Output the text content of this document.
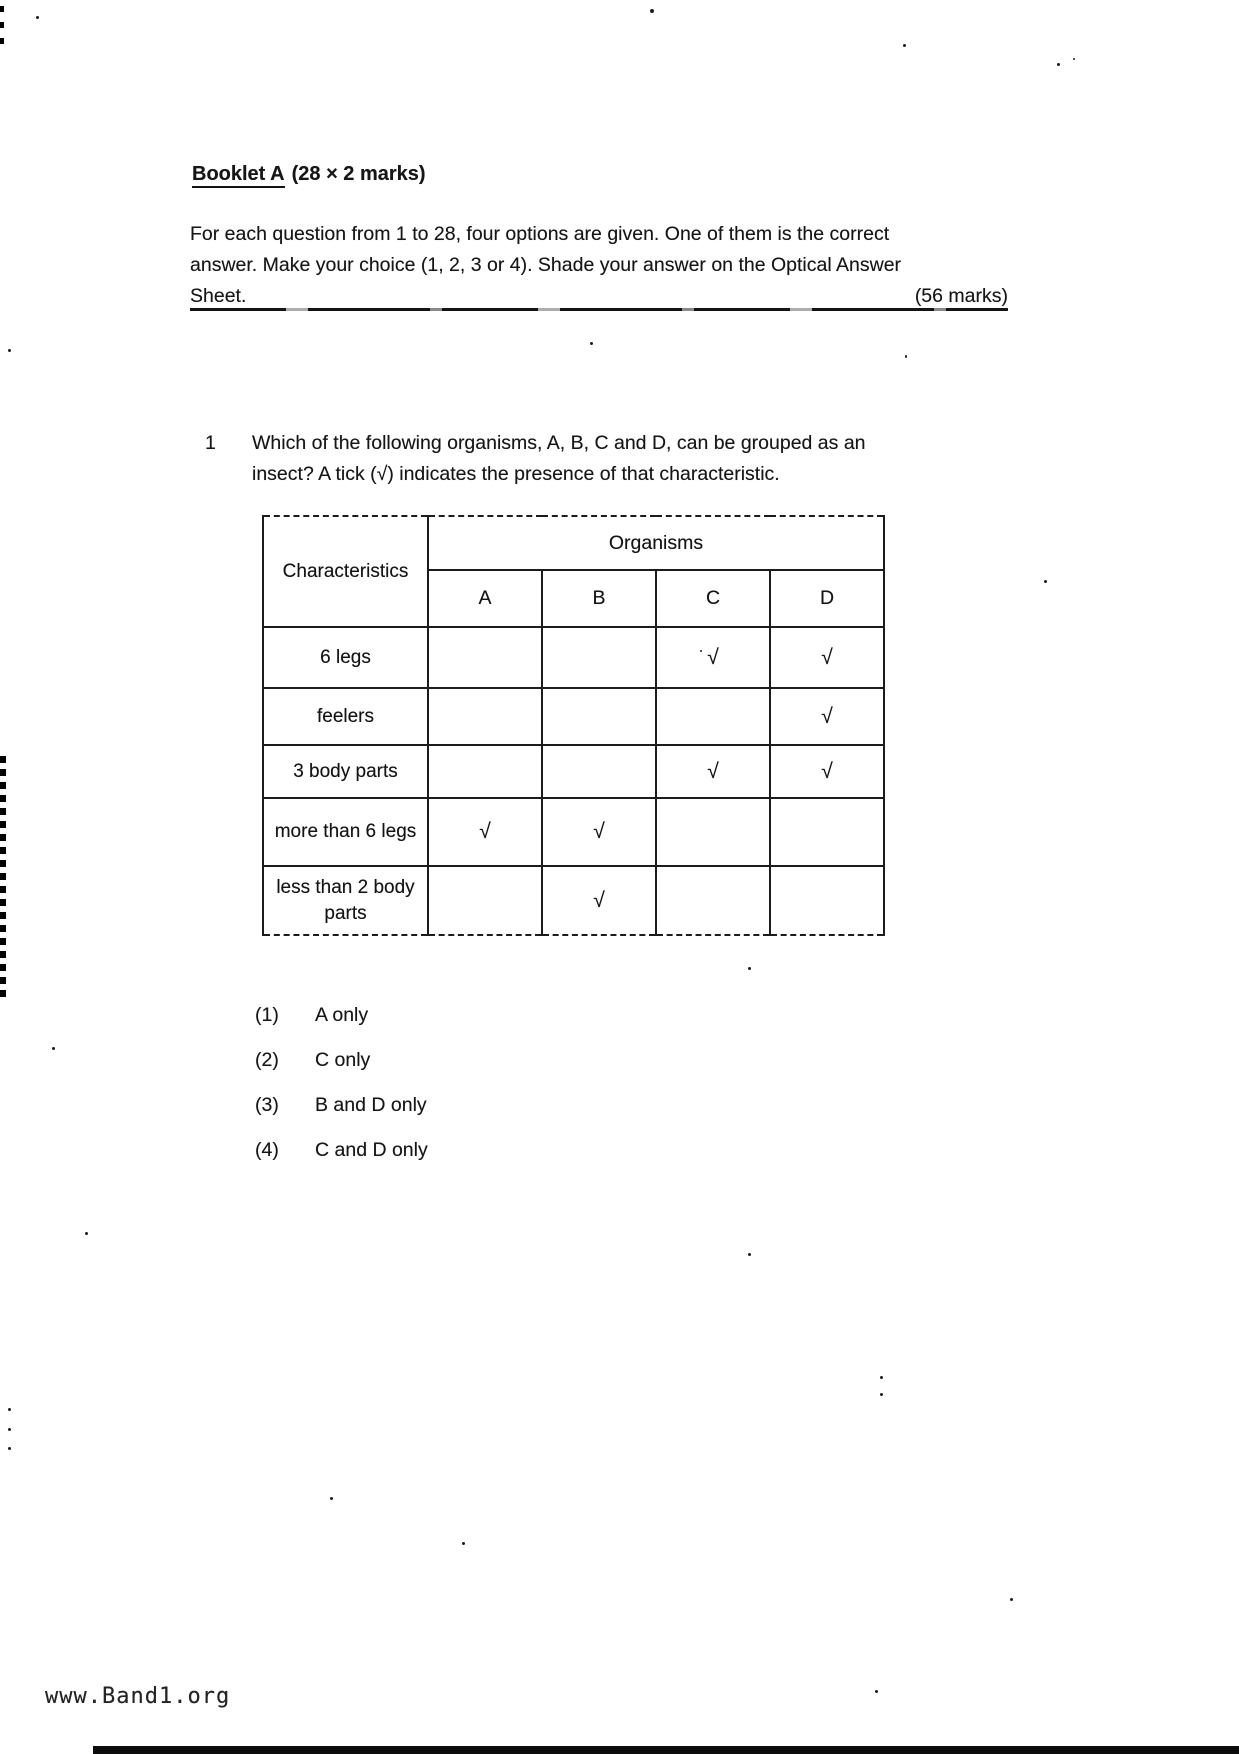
Booklet A (28 × 2 marks)
For each question from 1 to 28, four options are given. One of them is the correct
answer. Make your choice (1, 2, 3 or 4). Shade your answer on the Optical Answer
Sheet.	(56 marks)
1	Which of the following organisms, A, B, C and D, can be grouped as an
insect? A tick (√) indicates the presence of that characteristic.
Characteristics	Organisms			
	A	B	C	D
6 legs			√	√
feelers				√
3 body parts			√	√
more than 6 legs	√	√		
less than 2 body parts		√		
(1)	A only
(2)	C only
(3)	B and D only
(4)	C and D only
www.Band1.org
